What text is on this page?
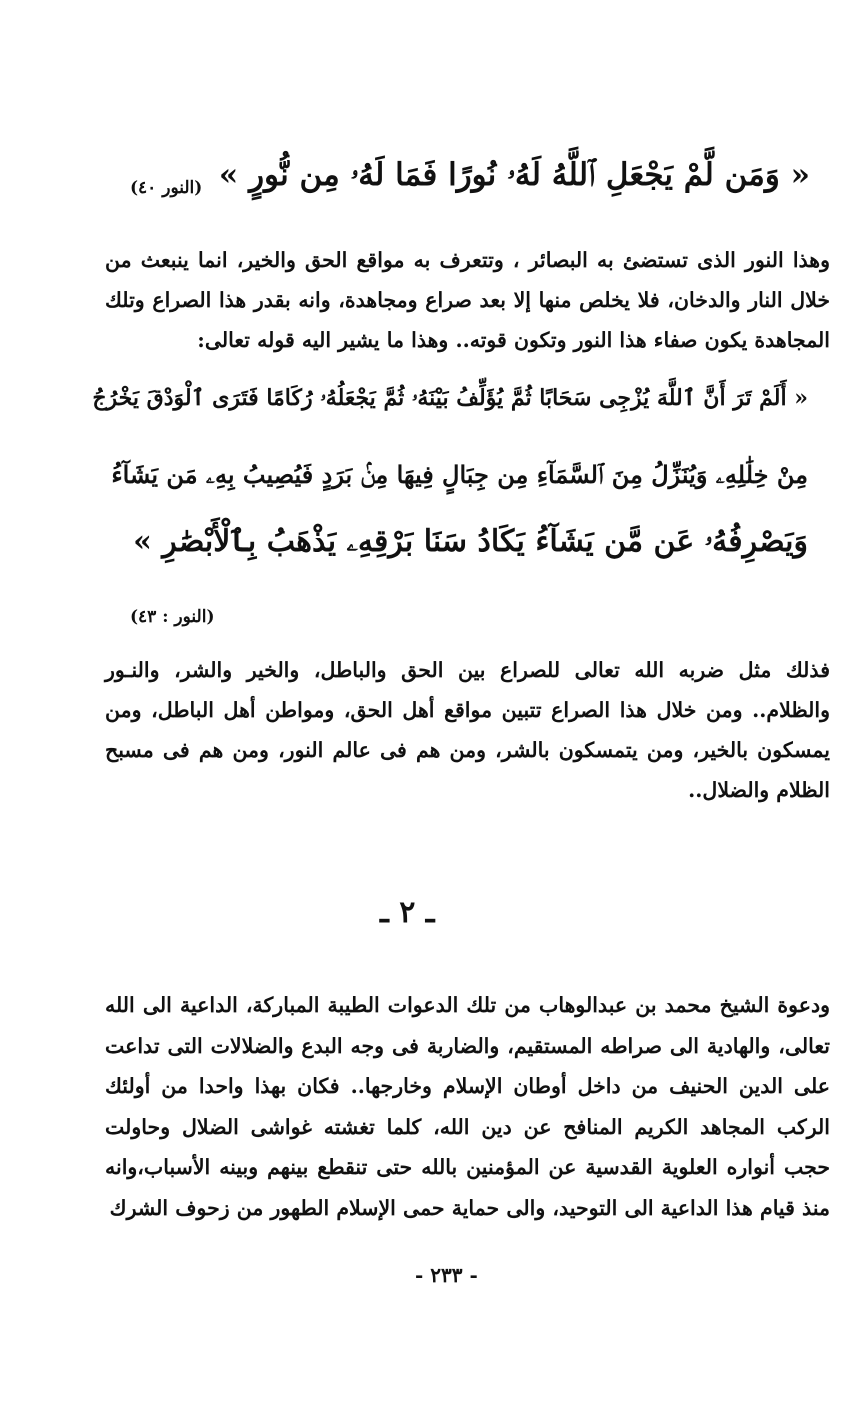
« وَمَن لَّمْ يَجْعَلِ ٱللَّهُ لَهُۥ نُورًا فَمَا لَهُۥ مِن نُّورٍ »
(النور ٤٠)

وهذا النور الذى تستضئ به البصائر ، وتتعرف به مواقع الحق والخير، انما ينبعث من خلال النار والدخان، فلا يخلص منها إلا بعد صراع ومجاهدة، وانه بقدر هذا الصراع وتلك المجاهدة يكون صفاء هذا النور وتكون قوته.. وهذا ما يشير اليه قوله تعالى:

« أَلَمْ تَرَ أَنَّ ٱللَّهَ يُزْجِى سَحَابًا ثُمَّ يُؤَلِّفُ بَيْنَهُۥ ثُمَّ يَجْعَلُهُۥ رُكَامًا فَتَرَى ٱلْوَدْقَ يَخْرُجُ
مِنْ خِلَٰلِهِۦ وَيُنَزِّلُ مِنَ ٱلسَّمَآءِ مِن جِبَالٍ فِيهَا مِنۢ بَرَدٍ فَيُصِيبُ بِهِۦ مَن يَشَآءُ
وَيَصْرِفُهُۥ عَن مَّن يَشَآءُ يَكَادُ سَنَا بَرْقِهِۦ يَذْهَبُ بِٱلْأَبْصَٰرِ »
(النور : ٤٣)

فذلك مثل ضربه الله تعالى للصراع بين الحق والباطل، والخير والشر، والنـور والظلام.. ومن خلال هذا الصراع تتبين مواقع أهل الحق، ومواطن أهل الباطل، ومن يمسكون بالخير، ومن يتمسكون بالشر، ومن هم فى عالم النور، ومن هم فى مسبح الظلام والضلال..

ـ ٢ ـ

ودعوة الشيخ محمد بن عبدالوهاب من تلك الدعوات الطيبة المباركة، الداعية الى الله تعالى، والهادية الى صراطه المستقيم، والضاربة فى وجه البدع والضلالات التى تداعت على الدين الحنيف من داخل أوطان الإسلام وخارجها.. فكان بهذا واحدا من أولئك الركب المجاهد الكريم المنافح عن دين الله، كلما تغشته غواشى الضلال وحاولت حجب أنواره العلوية القدسية عن المؤمنين بالله حتى تنقطع بينهم وبينه الأسباب،وانه منذ قيام هذا الداعية الى التوحيد، والى حماية حمى الإسلام الطهور من زحوف الشرك

- ٢٣٣ -
